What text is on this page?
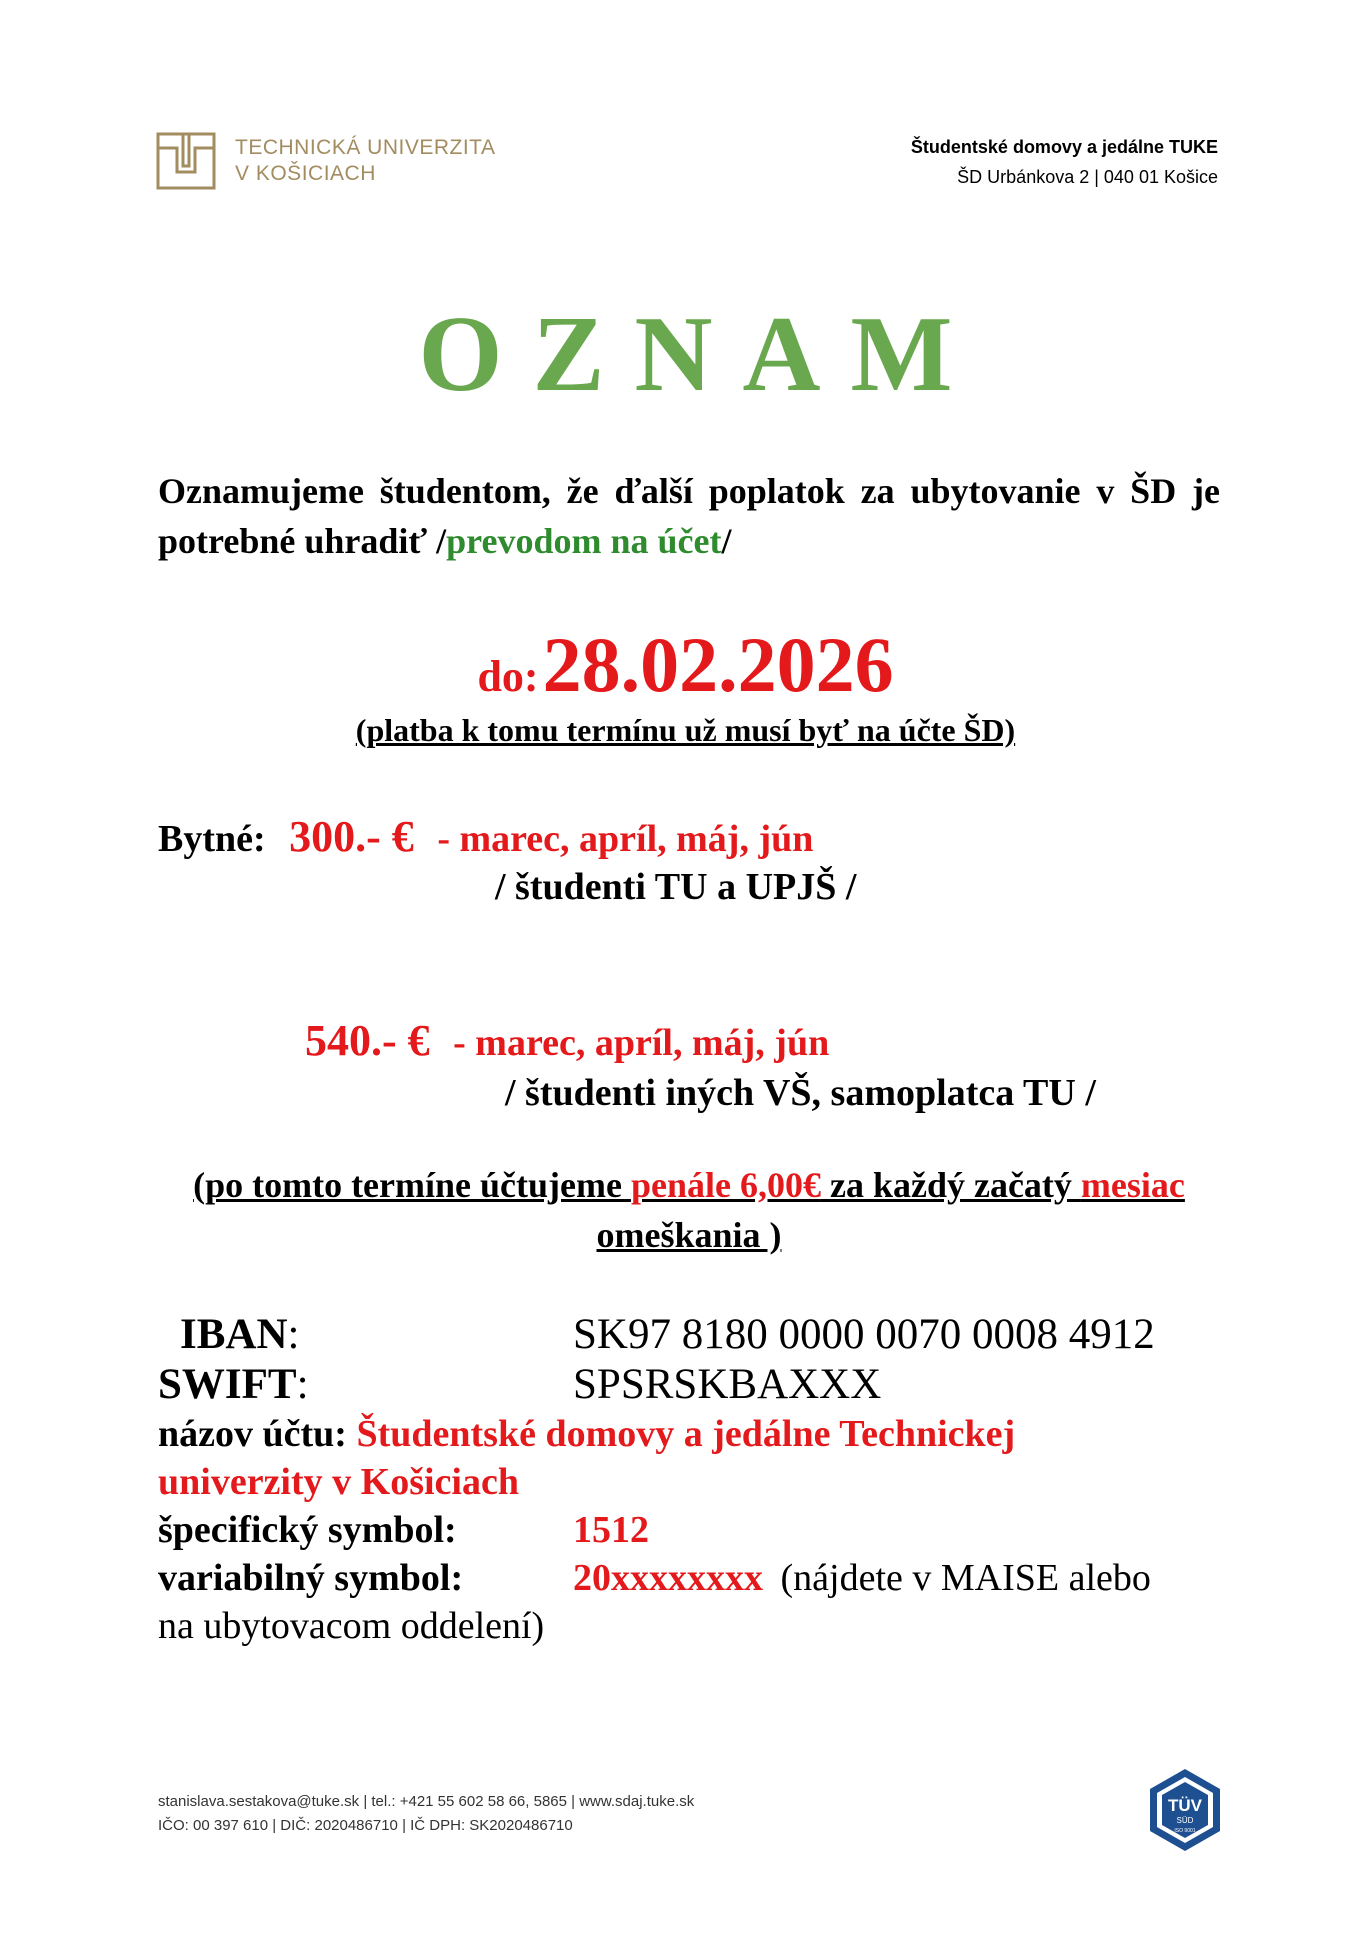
TECHNICKÁ UNIVERZITA
V KOŠICIACH
Študentské domovy a jedálne TUKE
ŠD Urbánkova 2 | 040 01 Košice
OZNAM
Oznamujeme študentom, že ďalší poplatok za ubytovanie v ŠD je potrebné uhradiť /prevodom na účet/
do: 28.02.2026
(platba k tomu termínu už musí byť na účte ŠD)
Bytné: 300.- € - marec, apríl, máj, jún
/ študenti TU a UPJŠ /
540.- € - marec, apríl, máj, jún
/ študenti iných VŠ, samoplatca TU /
(po tomto termíne účtujeme penále 6,00€ za každý začatý mesiac omeškania )
IBAN:	SK97 8180 0000 0070 0008 4912
SWIFT:	SPSRSKBAXXX
názov účtu: Študentské domovy a jedálne Technickej
univerzity v Košiciach
špecifický symbol:	1512
variabilný symbol:	20xxxxxxxx (nájdete v MAISE alebo

na ubytovacom oddelení)
stanislava.sestakova@tuke.sk | tel.: +421 55 602 58 66, 5865 | www.sdaj.tuke.sk
IČO: 00 397 610 | DIČ: 2020486710 | IČ DPH: SK2020486710
TÜV
SÜD
ISO 9001
